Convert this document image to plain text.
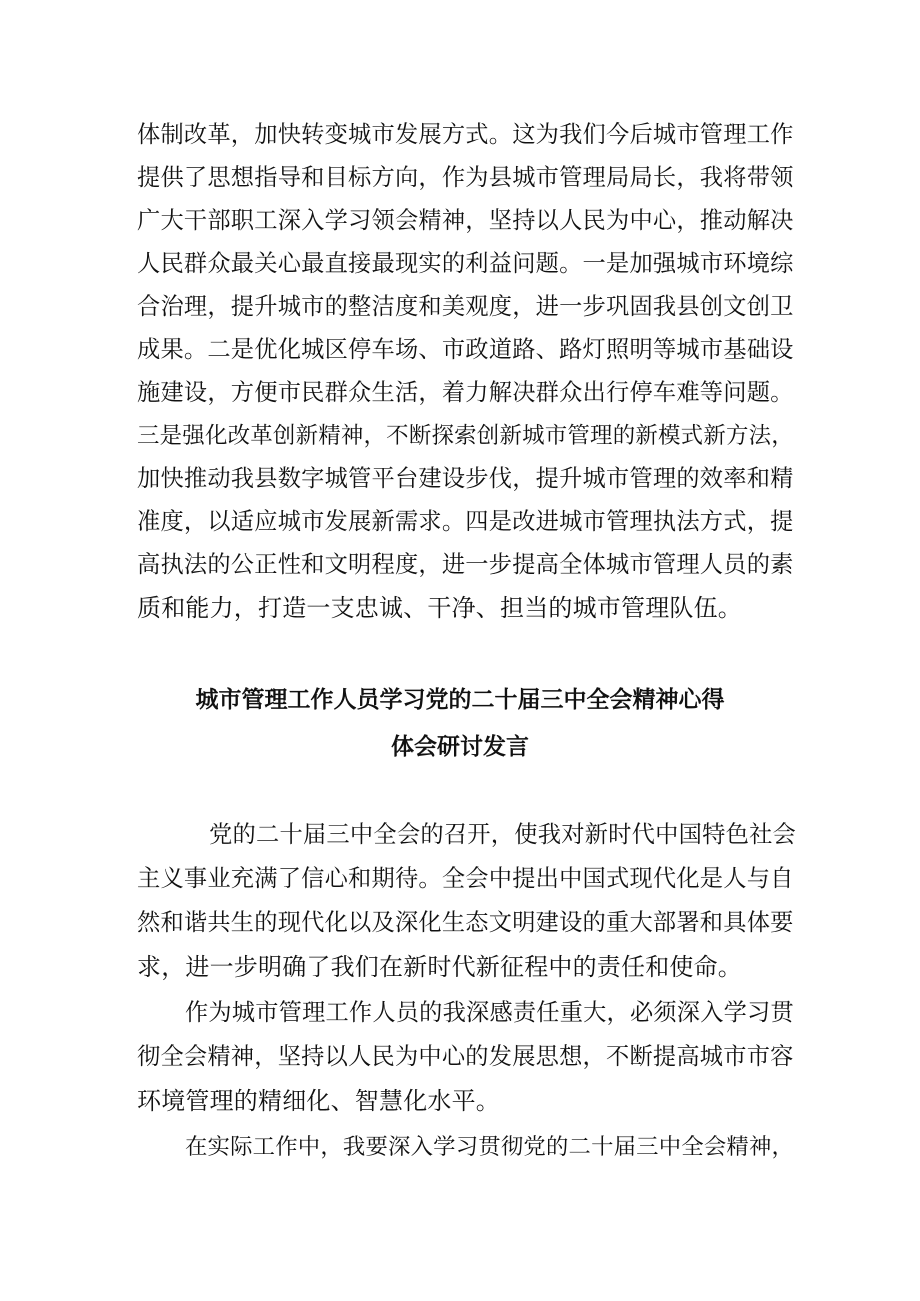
体制改革，加快转变城市发展方式。这为我们今后城市管理工作
提供了思想指导和目标方向，作为县城市管理局局长，我将带领
广大干部职工深入学习领会精神，坚持以人民为中心，推动解决
人民群众最关心最直接最现实的利益问题。一是加强城市环境综
合治理，提升城市的整洁度和美观度，进一步巩固我县创文创卫
成果。二是优化城区停车场、市政道路、路灯照明等城市基础设
施建设，方便市民群众生活，着力解决群众出行停车难等问题。
三是强化改革创新精神，不断探索创新城市管理的新模式新方法，
加快推动我县数字城管平台建设步伐，提升城市管理的效率和精
准度，以适应城市发展新需求。四是改进城市管理执法方式，提
高执法的公正性和文明程度，进一步提高全体城市管理人员的素
质和能力，打造一支忠诚、干净、担当的城市管理队伍。
城市管理工作人员学习党的二十届三中全会精神心得
体会研讨发言
党的二十届三中全会的召开，使我对新时代中国特色社会
主义事业充满了信心和期待。全会中提出中国式现代化是人与自
然和谐共生的现代化以及深化生态文明建设的重大部署和具体要
求，进一步明确了我们在新时代新征程中的责任和使命。
作为城市管理工作人员的我深感责任重大，必须深入学习贯
彻全会精神，坚持以人民为中心的发展思想，不断提高城市市容
环境管理的精细化、智慧化水平。
在实际工作中，我要深入学习贯彻党的二十届三中全会精神，
